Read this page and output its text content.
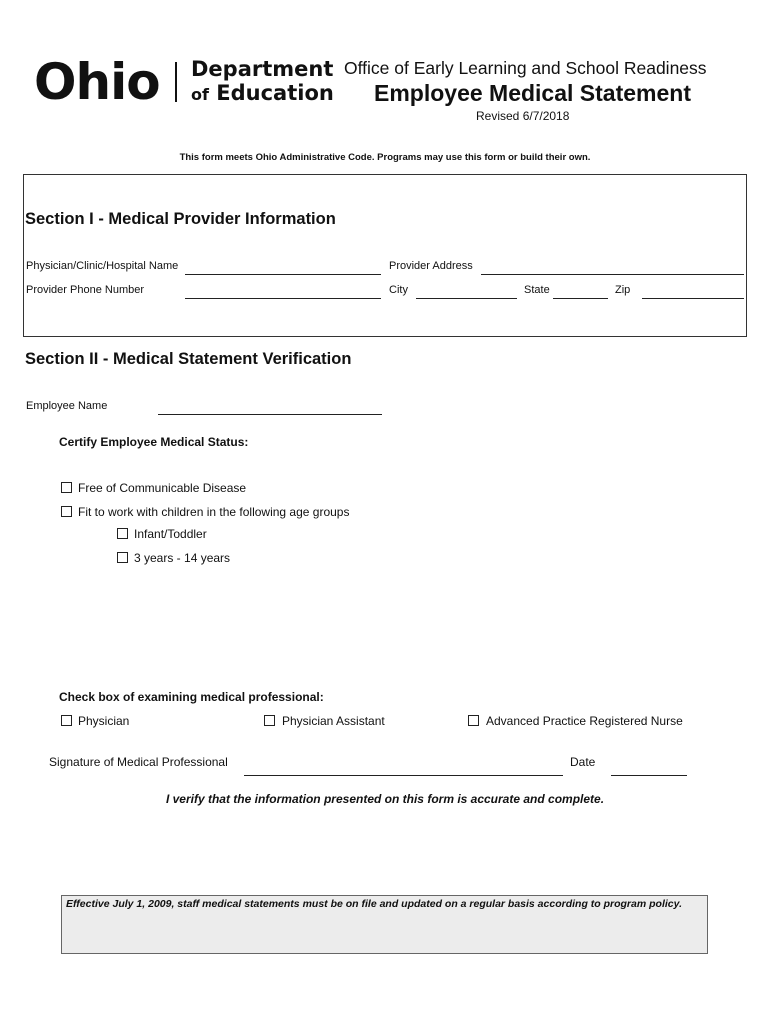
Ohio Department
of Education
Office of Early Learning and School Readiness
Employee Medical Statement
Revised 6/7/2018
This form meets Ohio Administrative Code. Programs may use this form or build their own.
Section I - Medical Provider Information
Physician/Clinic/Hospital Name	Provider Address
Provider Phone Number	City	State	Zip
Section II - Medical Statement Verification
Employee Name
Certify Employee Medical Status:
Free of Communicable Disease
Fit to work with children in the following age groups
Infant/Toddler
3 years - 14 years
Check box of examining medical professional:
Physician	Physician Assistant	Advanced Practice Registered Nurse
Signature of Medical Professional	Date
I verify that the information presented on this form is accurate and complete.
Effective July 1, 2009, staff medical statements must be on file and updated on a regular basis according to program policy.
